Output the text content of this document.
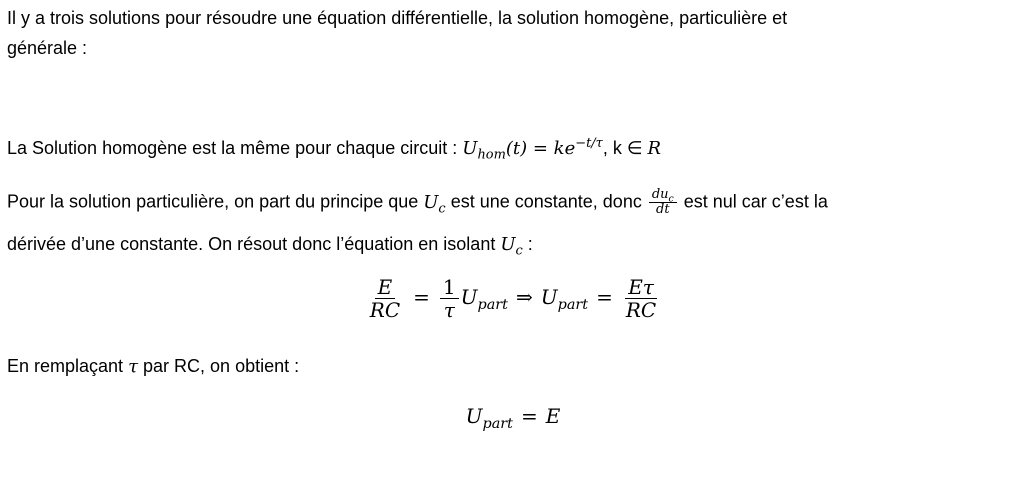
Il y a trois solutions pour résoudre une équation différentielle, la solution homogène, particulière et
générale :
La Solution homogène est la même pour chaque circuit : $U_{hom}(t) = ke^{-t/\tau}$, k ∈ R
Pour la solution particulière, on part du principe que $U_c$ est une constante, donc $\frac{du_c}{dt}$ est nul car c’est la
dérivée d’une constante. On résout donc l’équation en isolant $U_c$ :
$\frac{E}{RC} = \frac{1}{\tau} U_{part}$ ⇒ $U_{part} = \frac{E\tau}{RC}$
En remplaçant τ par RC, on obtient :
$U_{part} = E$
